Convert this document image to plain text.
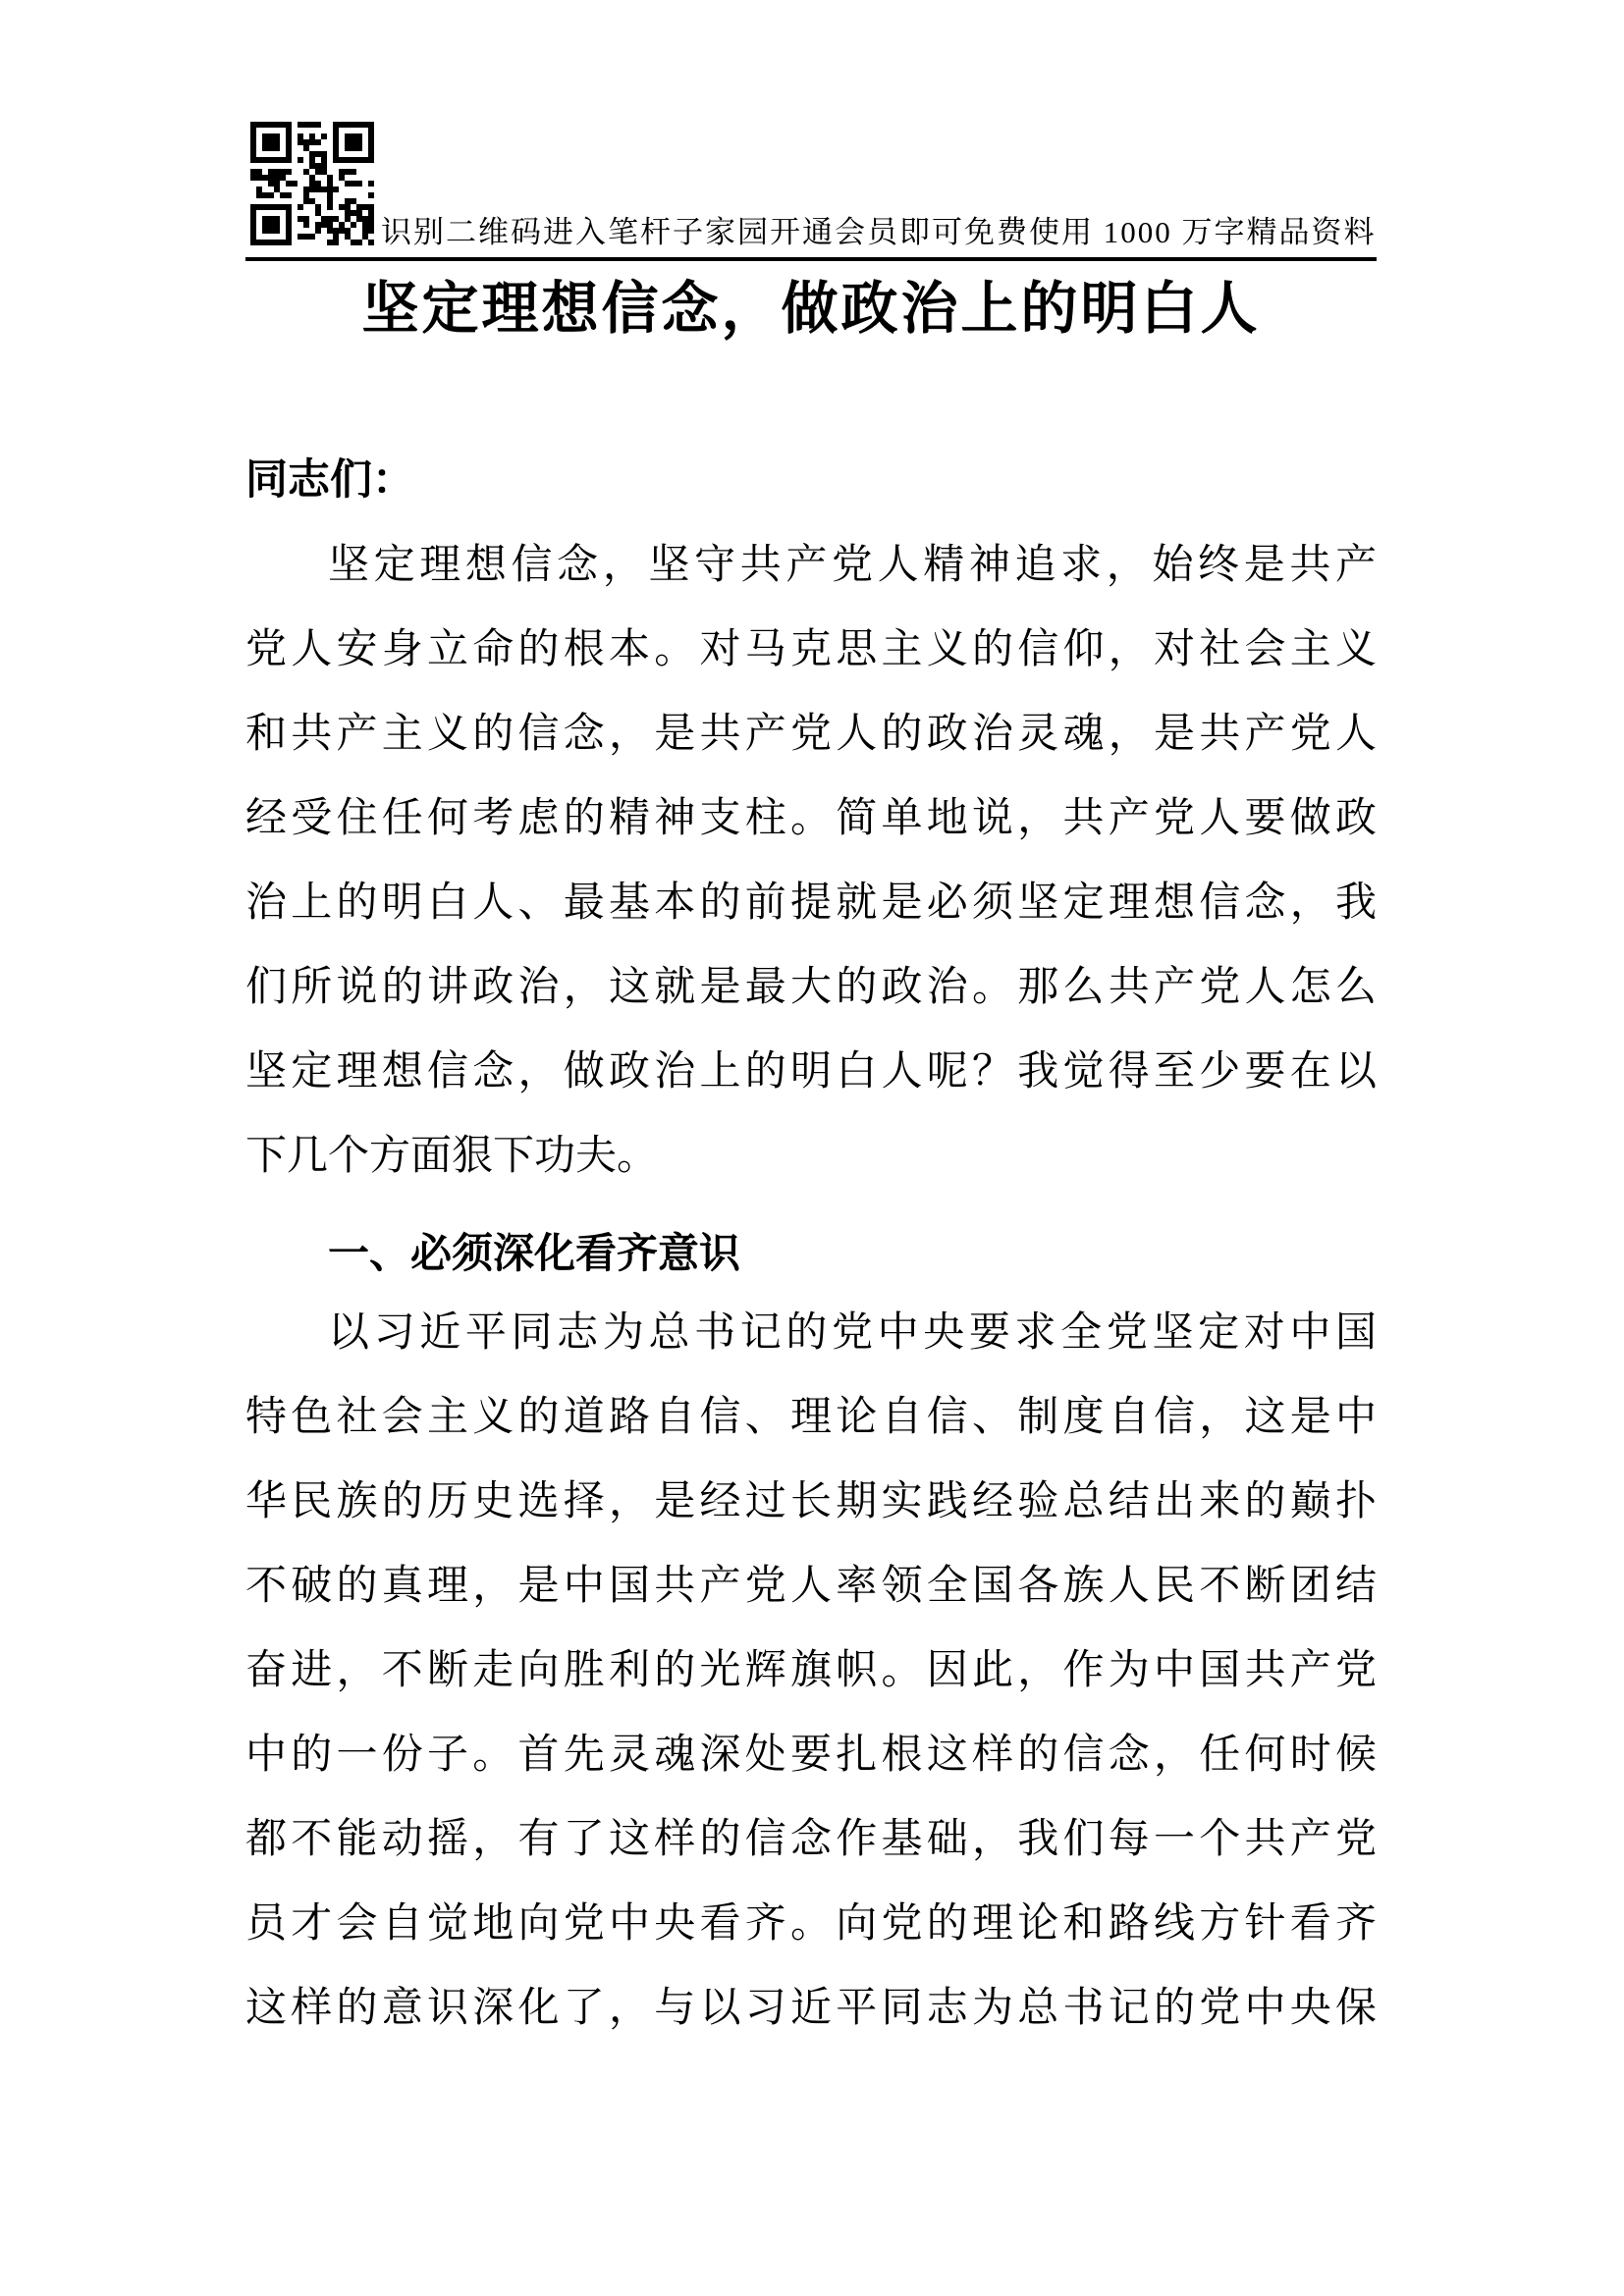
识别二维码进入笔杆子家园开通会员即可免费使用 1000 万字精品资料
坚定理想信念，做政治上的明白人
同志们：
坚定理想信念，坚守共产党人精神追求，始终是共产
党人安身立命的根本。对马克思主义的信仰，对社会主义
和共产主义的信念，是共产党人的政治灵魂，是共产党人
经受住任何考虑的精神支柱。简单地说，共产党人要做政
治上的明白人、最基本的前提就是必须坚定理想信念，我
们所说的讲政治，这就是最大的政治。那么共产党人怎么
坚定理想信念，做政治上的明白人呢？我觉得至少要在以
下几个方面狠下功夫。
一、必须深化看齐意识
以习近平同志为总书记的党中央要求全党坚定对中国
特色社会主义的道路自信、理论自信、制度自信，这是中
华民族的历史选择，是经过长期实践经验总结出来的巅扑
不破的真理，是中国共产党人率领全国各族人民不断团结
奋进，不断走向胜利的光辉旗帜。因此，作为中国共产党
中的一份子。首先灵魂深处要扎根这样的信念，任何时候
都不能动摇，有了这样的信念作基础，我们每一个共产党
员才会自觉地向党中央看齐。向党的理论和路线方针看齐
这样的意识深化了，与以习近平同志为总书记的党中央保
